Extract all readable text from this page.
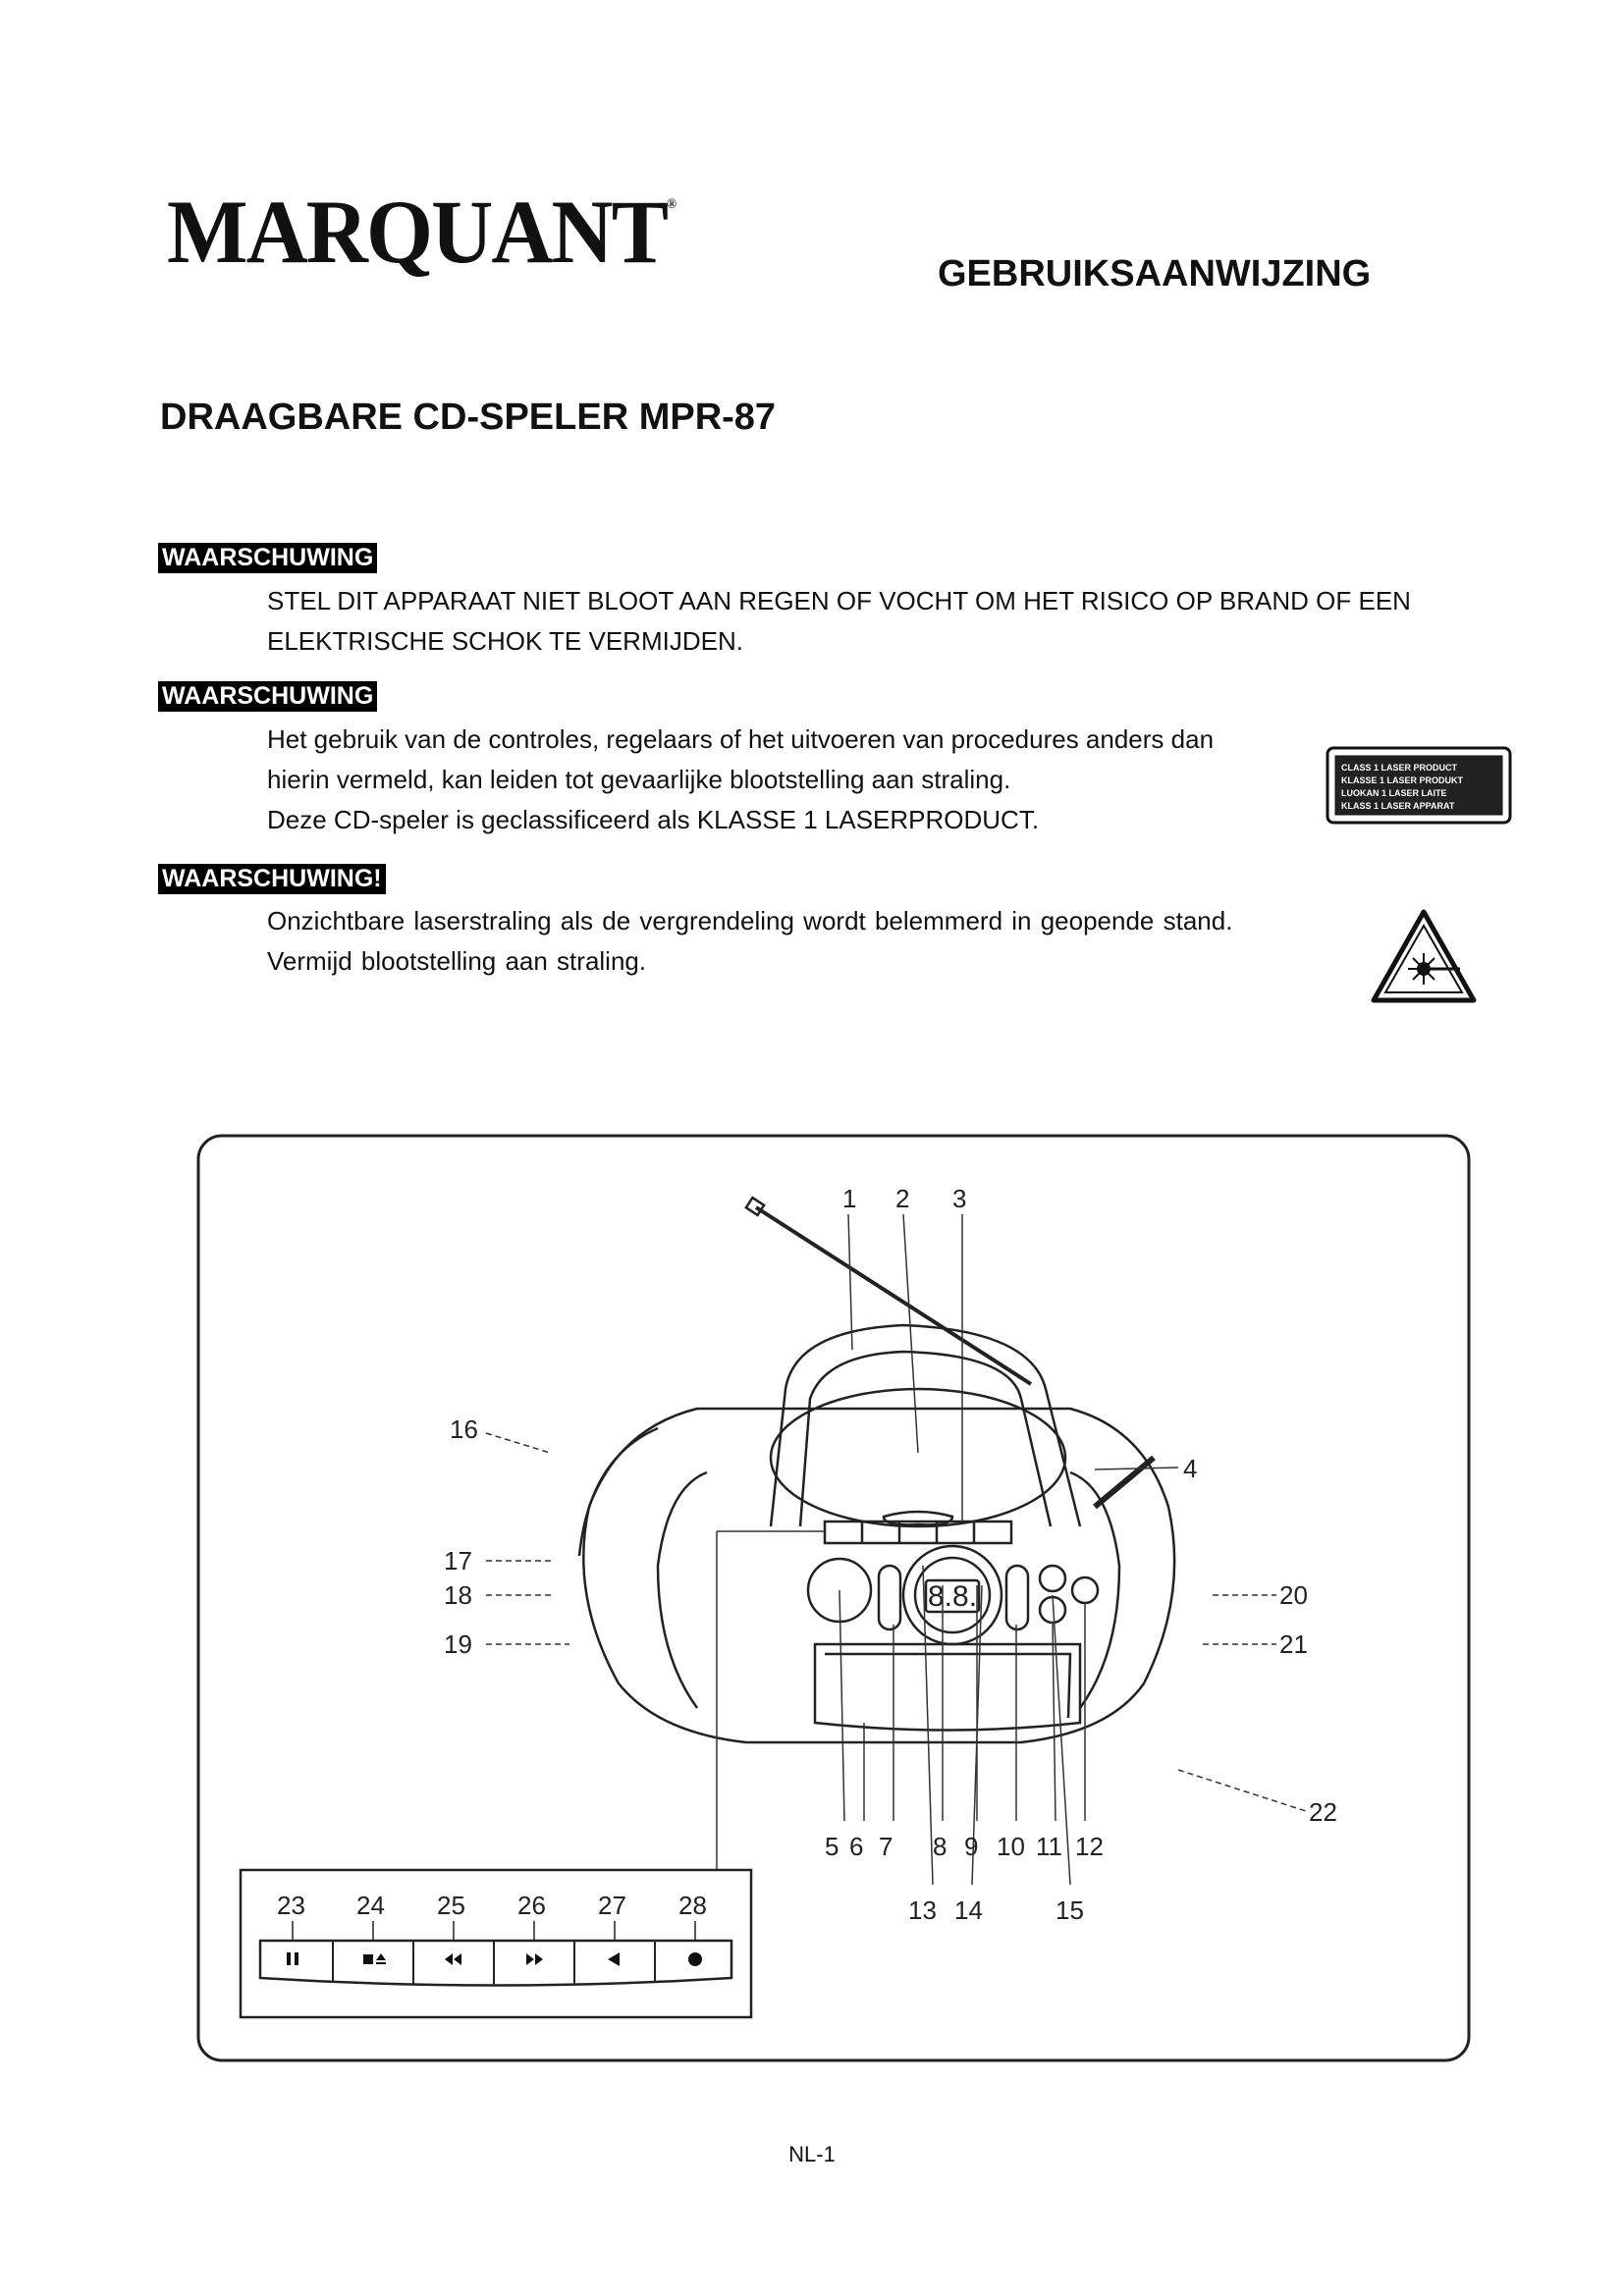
MARQUANT®
GEBRUIKSAANWIJZING
DRAAGBARE CD-SPELER MPR-87
WAARSCHUWING
STEL DIT APPARAAT NIET BLOOT AAN REGEN OF VOCHT OM HET RISICO OP BRAND OF EEN
ELEKTRISCHE SCHOK TE VERMIJDEN.
WAARSCHUWING
Het gebruik van de controles, regelaars of het uitvoeren van procedures anders dan
hierin vermeld, kan leiden tot gevaarlijke blootstelling aan straling.
Deze CD-speler is geclassificeerd als KLASSE 1 LASERPRODUCT.
CLASS 1 LASER PRODUCT
KLASSE 1 LASER PRODUKT
LUOKAN 1 LASER LAITE
KLASS 1 LASER APPARAT
WAARSCHUWING!
Onzichtbare laserstraling als de vergrendeling wordt belemmerd in geopende stand.
Vermijd blootstelling aan straling.
8.8.
1 2 3
4
5 6 7 8 9 10 11 12
13 14	15
16
17
18
19
20
21
22
23 24 25 26 27 28
NL-1
